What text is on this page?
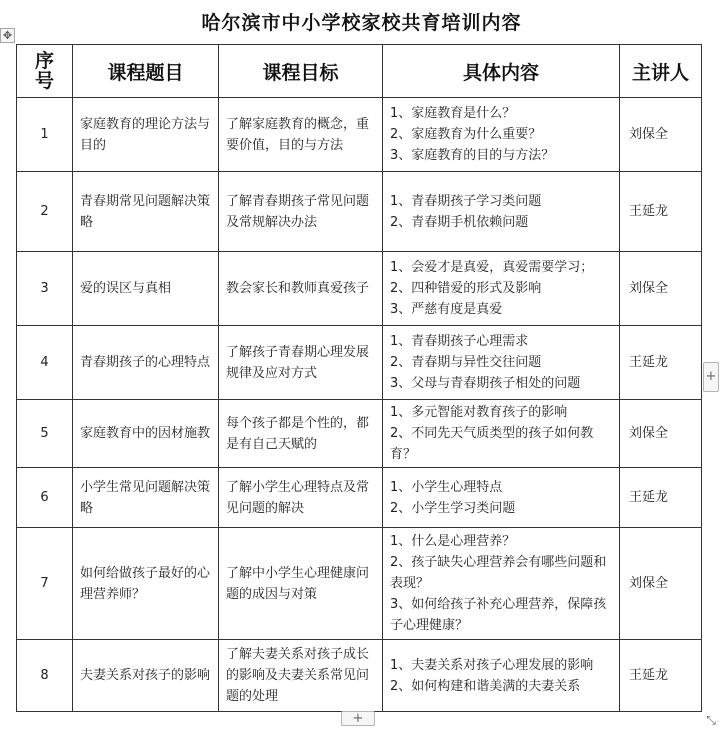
哈尔滨市中小学校家校共育培训内容
✥
序
号	课程题目	课程目标	具体内容	主讲人
1	家庭教育的理论方法与目的	了解家庭教育的概念，重要价值，目的与方法	1、家庭教育是什么？
2、家庭教育为什么重要？
3、家庭教育的目的与方法？	刘保全
2	青春期常见问题解决策略	了解青春期孩子常见问题及常规解决办法	1、青春期孩子学习类问题
2、青春期手机依赖问题	王延龙
3	爱的误区与真相	教会家长和教师真爱孩子	1、会爱才是真爱，真爱需要学习；
2、四种错爱的形式及影响
3、严慈有度是真爱	刘保全
4	青春期孩子的心理特点	了解孩子青春期心理发展规律及应对方式	1、青春期孩子心理需求
2、青春期与异性交往问题
3、父母与青春期孩子相处的问题	王延龙
5	家庭教育中的因材施教	每个孩子都是个性的，都是有自己天赋的	1、多元智能对教育孩子的影响
2、不同先天气质类型的孩子如何教育？	刘保全
6	小学生常见问题解决策略	了解小学生心理特点及常见问题的解决	1、小学生心理特点
2、小学生学习类问题	王延龙
7	如何给做孩子最好的心理营养师？	了解中小学生心理健康问题的成因与对策	1、什么是心理营养？
2、孩子缺失心理营养会有哪些问题和表现？
3、如何给孩子补充心理营养，保障孩子心理健康？	刘保全
8	夫妻关系对孩子的影响	了解夫妻关系对孩子成长的影响及夫妻关系常见问题的处理	1、夫妻关系对孩子心理发展的影响
2、如何构建和谐美满的夫妻关系	王延龙
+
+	⤡
